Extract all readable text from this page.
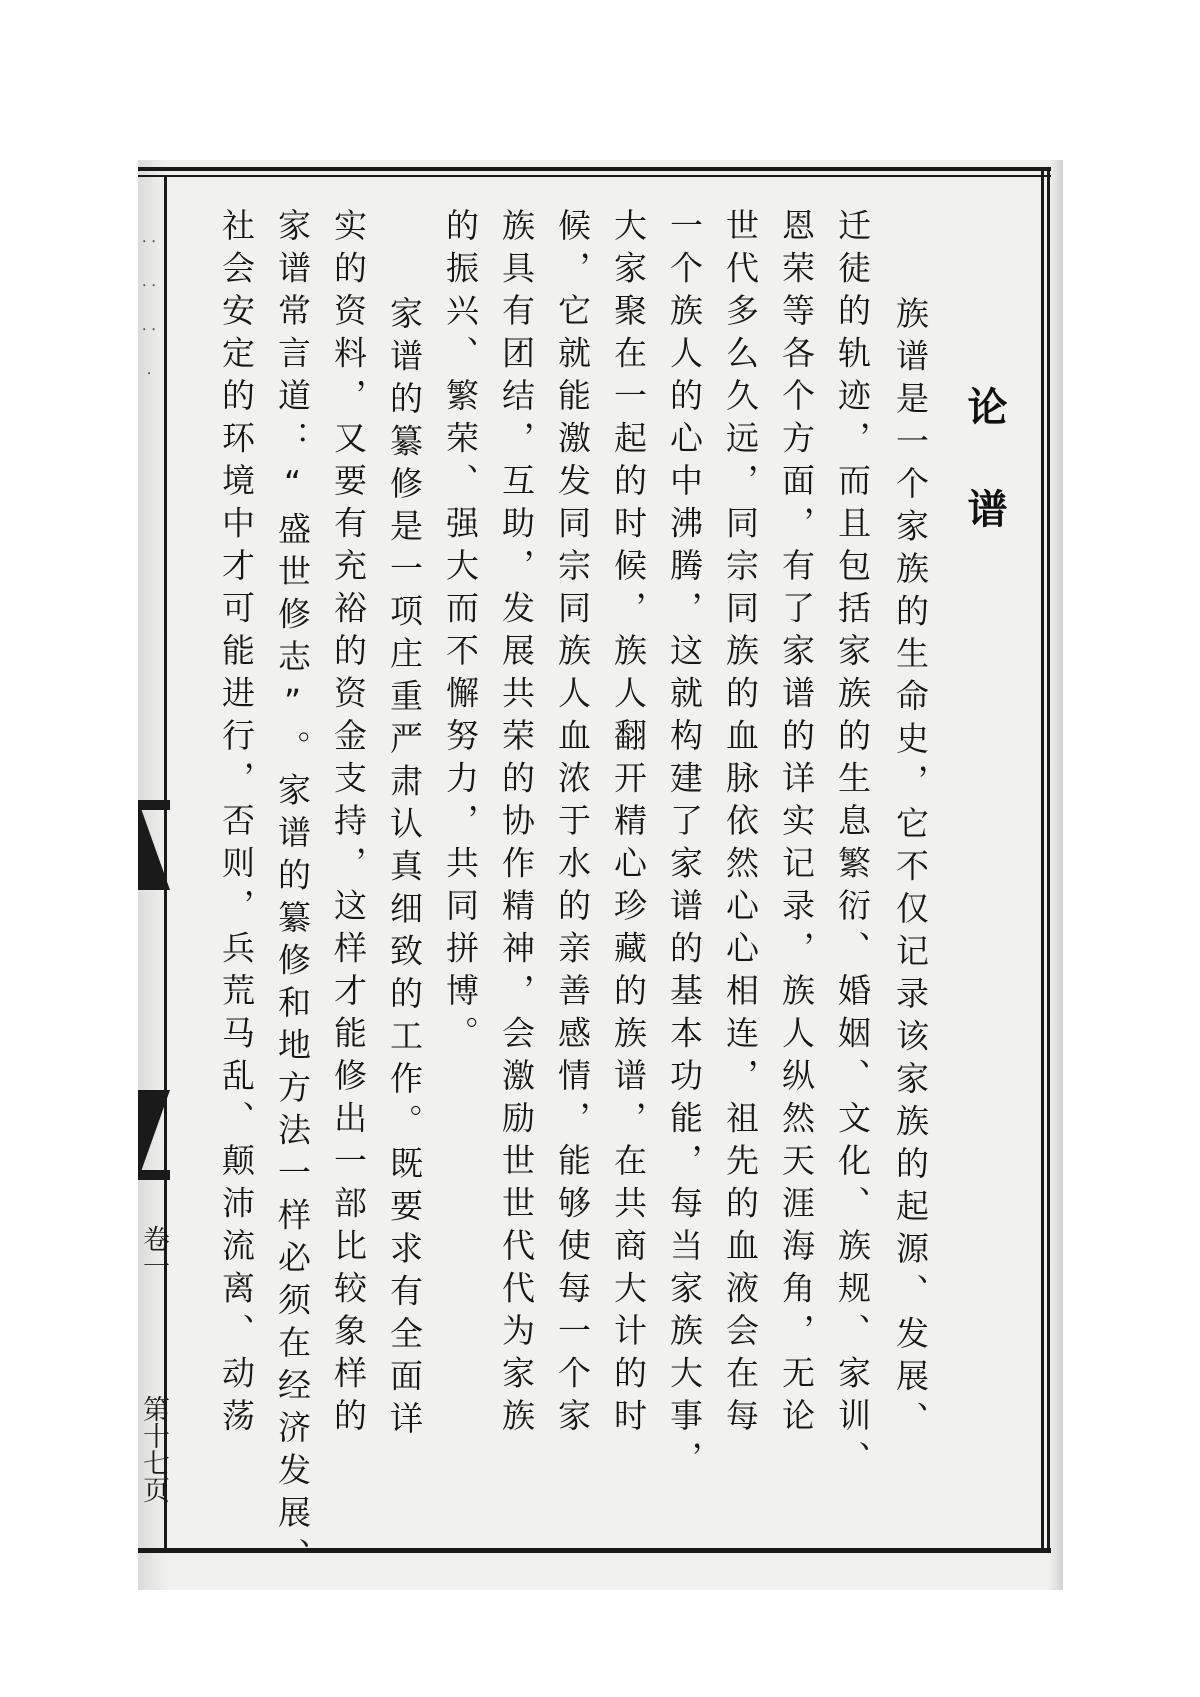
⸱ ⸱ ⸱ ⸱ ⸱ ⸱ ⸱
卷一
第十七页
论谱
族谱是一个家族的生命史，它不仅记录该家族的起源、发展、
迁徒的轨迹，而且包括家族的生息繁衍、婚姻、文化、族规、家训、
恩荣等各个方面，有了家谱的详实记录，族人纵然天涯海角，无论
世代多么久远，同宗同族的血脉依然心心相连，祖先的血液会在每
一个族人的心中沸腾，这就构建了家谱的基本功能，每当家族大事，
大家聚在一起的时候，族人翻开精心珍藏的族谱，在共商大计的时
候，它就能激发同宗同族人血浓于水的亲善感情，能够使每一个家
族具有团结，互助，发展共荣的协作精神，会激励世世代代为家族
的振兴、繁荣、强大而不懈努力，共同拼博。
家谱的纂修是一项庄重严肃认真细致的工作。既要求有全面详
实的资料，又要有充裕的资金支持，这样才能修出一部比较象样的
家谱常言道：“盛世修志”。家谱的纂修和地方法一样必须在经济发展、
社会安定的环境中才可能进行，否则，兵荒马乱、颠沛流离、动荡
